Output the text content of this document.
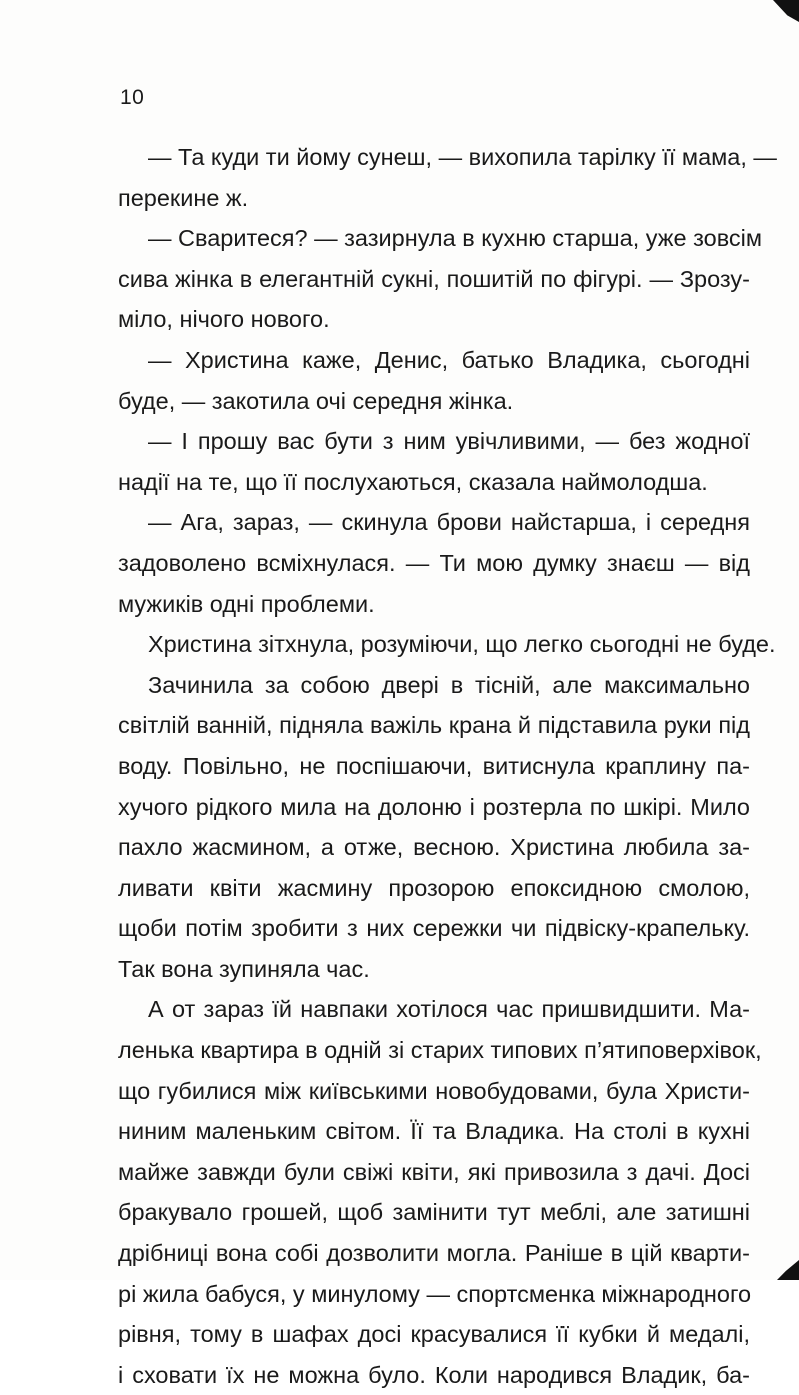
10
— Та куди ти йому сунеш, — вихопила тарілку її мама, —
перекине ж.
— Сваритеся? — зазирнула в кухню старша, уже зовсім
сива жінка в елегантній сукні, пошитій по фігурі. — Зрозу-
міло, нічого нового.
— Христина каже, Денис, батько Владика, сьогодні
буде, — закотила очі середня жінка.
— І прошу вас бути з ним увічливими, — без жодної
надії на те, що її послухаються, сказала наймолодша.
— Ага, зараз, — скинула брови найстарша, і середня
задоволено всміхнулася. — Ти мою думку знаєш — від
мужиків одні проблеми.
Христина зітхнула, розуміючи, що легко сьогодні не буде.
Зачинила за собою двері в тісній, але максимально
світлій ванній, підняла важіль крана й підставила руки під
воду. Повільно, не поспішаючи, витиснула краплину па-
хучого рідкого мила на долоню і розтерла по шкірі. Мило
пахло жасмином, а отже, весною. Христина любила за-
ливати квіти жасмину прозорою епоксидною смолою,
щоби потім зробити з них сережки чи підвіску-крапельку.
Так вона зупиняла час.
А от зараз їй навпаки хотілося час пришвидшити. Ма-
ленька квартира в одній зі старих типових п’ятиповерхівок,
що губилися між київськими новобудовами, була Христи-
ниним маленьким світом. Її та Владика. На столі в кухні
майже завжди були свіжі квіти, які привозила з дачі. Досі
бракувало грошей, щоб замінити тут меблі, але затишні
дрібниці вона собі дозволити могла. Раніше в цій кварти-
рі жила бабуся, у минулому — спортсменка міжнародного
рівня, тому в шафах досі красувалися її кубки й медалі,
і сховати їх не можна було. Коли народився Владик, ба-
